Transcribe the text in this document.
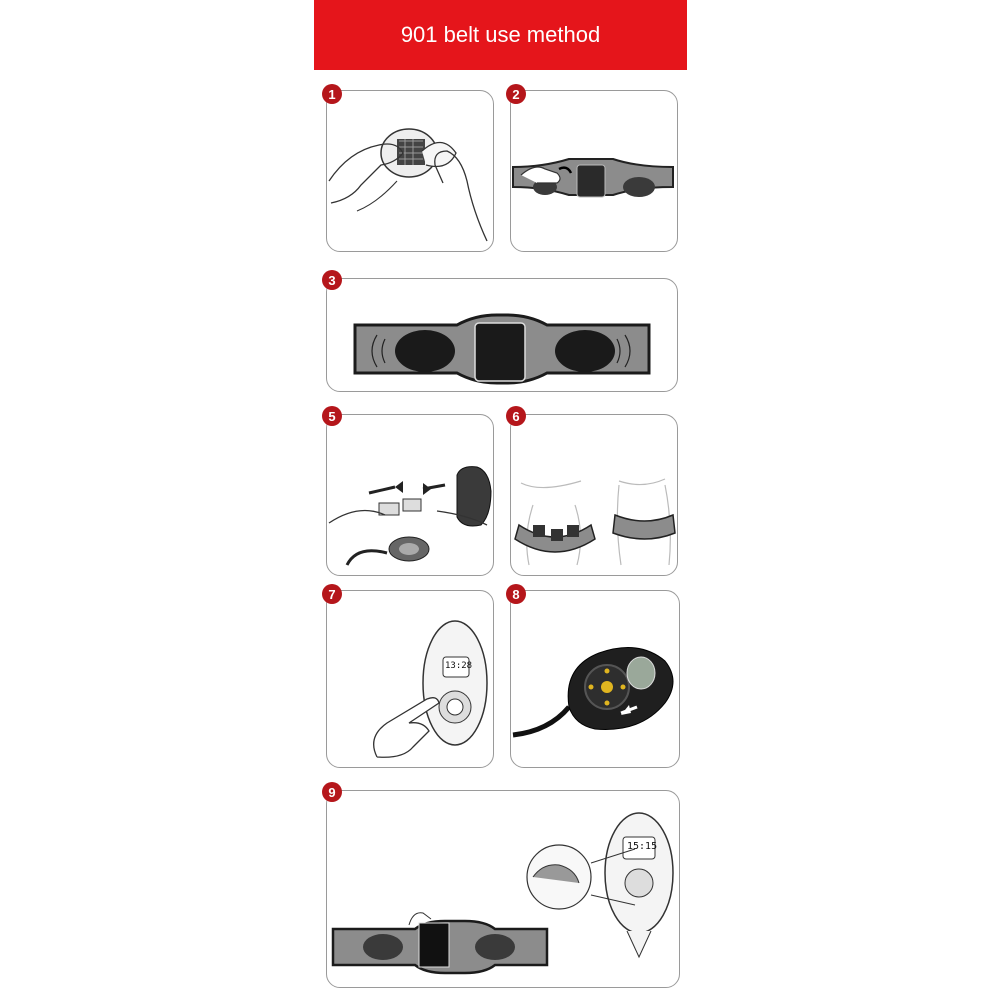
901 belt use method
1	2
3
5	6
7
13:28
8
9
15:15
